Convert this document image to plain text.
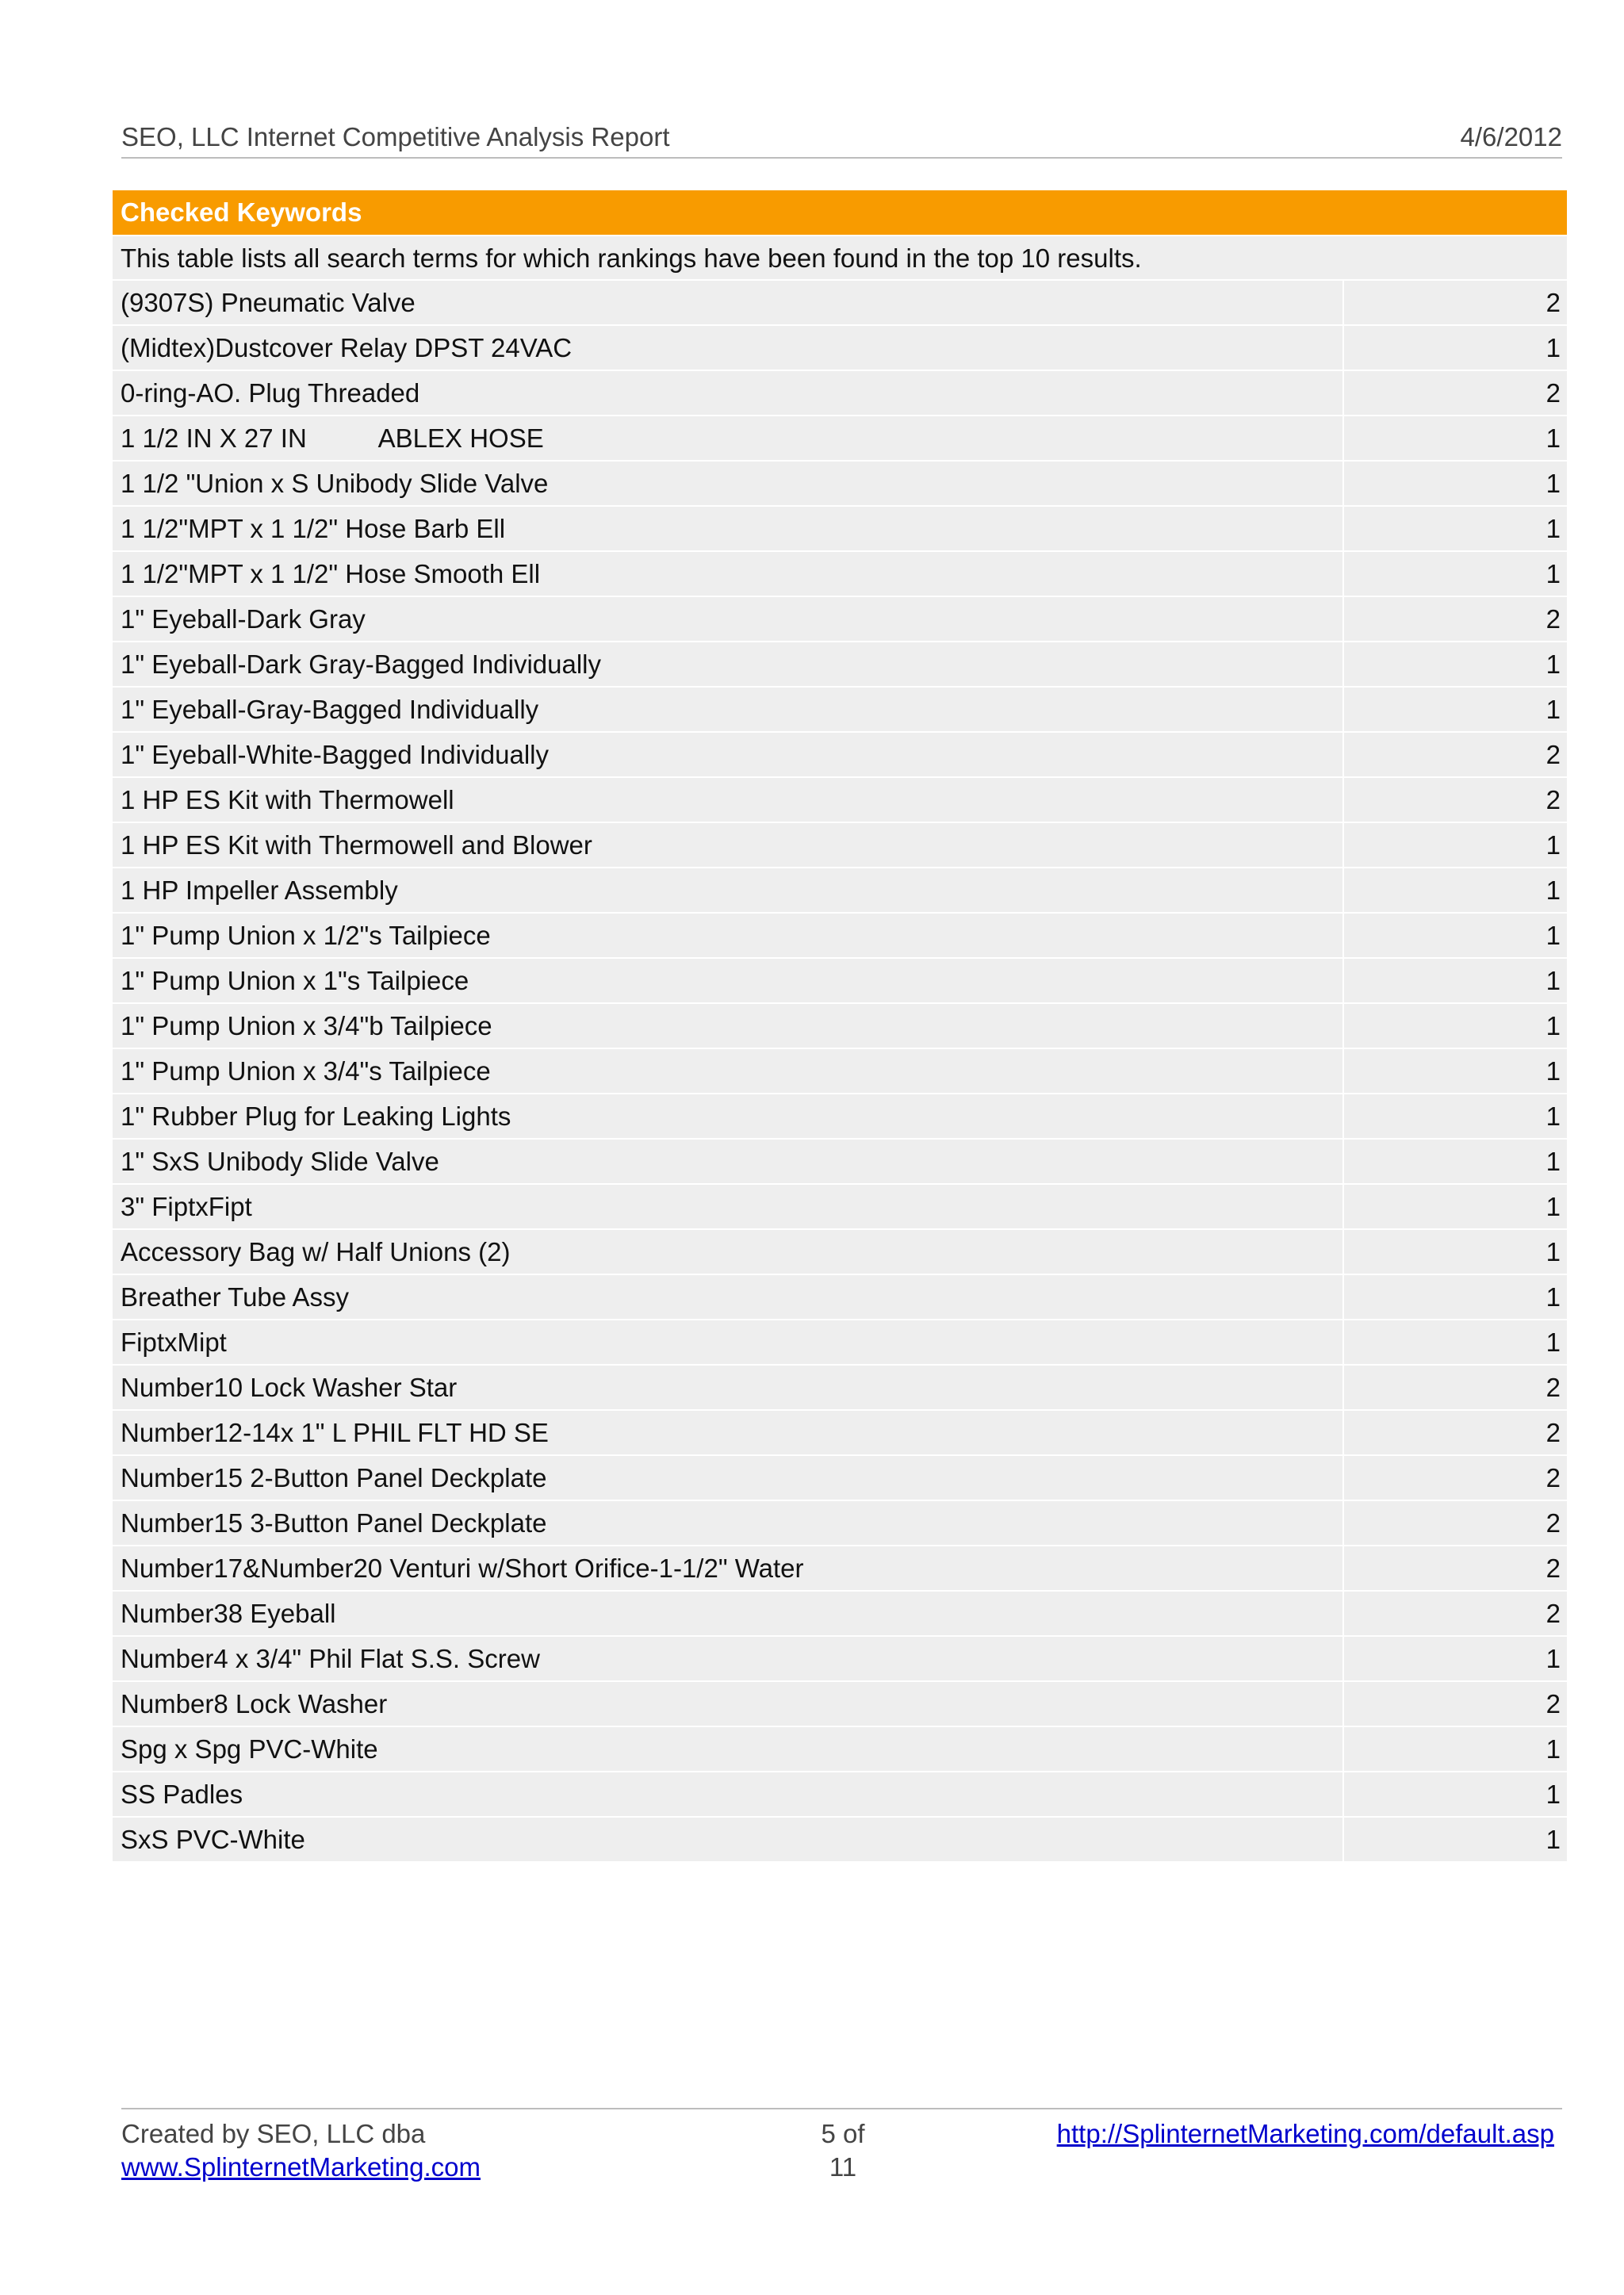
SEO, LLC Internet Competitive Analysis Report	4/6/2012
Checked Keywords
This table lists all search terms for which rankings have been found in the top 10 results.
(9307S) Pneumatic Valve	2
(Midtex)Dustcover Relay DPST 24VAC	1
0-ring-AO. Plug Threaded	2
1 1/2 IN X 27 IN          ABLEX HOSE	1
1 1/2 "Union x S Unibody Slide Valve	1
1 1/2"MPT x 1 1/2" Hose Barb Ell	1
1 1/2"MPT x 1 1/2" Hose Smooth Ell	1
1" Eyeball-Dark Gray	2
1" Eyeball-Dark Gray-Bagged Individually	1
1" Eyeball-Gray-Bagged Individually	1
1" Eyeball-White-Bagged Individually	2
1 HP ES Kit with Thermowell	2
1 HP ES Kit with Thermowell and Blower	1
1 HP Impeller Assembly	1
1" Pump Union x 1/2"s Tailpiece	1
1" Pump Union x 1"s Tailpiece	1
1" Pump Union x 3/4"b Tailpiece	1
1" Pump Union x 3/4"s Tailpiece	1
1" Rubber Plug for Leaking Lights	1
1" SxS Unibody Slide Valve	1
3" FiptxFipt	1
Accessory Bag w/ Half Unions (2)	1
Breather Tube Assy	1
FiptxMipt	1
Number10 Lock Washer Star	2
Number12-14x 1" L PHIL FLT HD SE	2
Number15 2-Button Panel Deckplate	2
Number15 3-Button Panel Deckplate	2
Number17&Number20 Venturi w/Short Orifice-1-1/2" Water	2
Number38 Eyeball	2
Number4 x 3/4" Phil Flat S.S. Screw	1
Number8 Lock Washer	2
Spg x Spg PVC-White	1
SS Padles	1
SxS PVC-White	1
Created by SEO, LLC dba
www.SplinternetMarketing.com
5 of
11
http://SplinternetMarketing.com/default.asp
